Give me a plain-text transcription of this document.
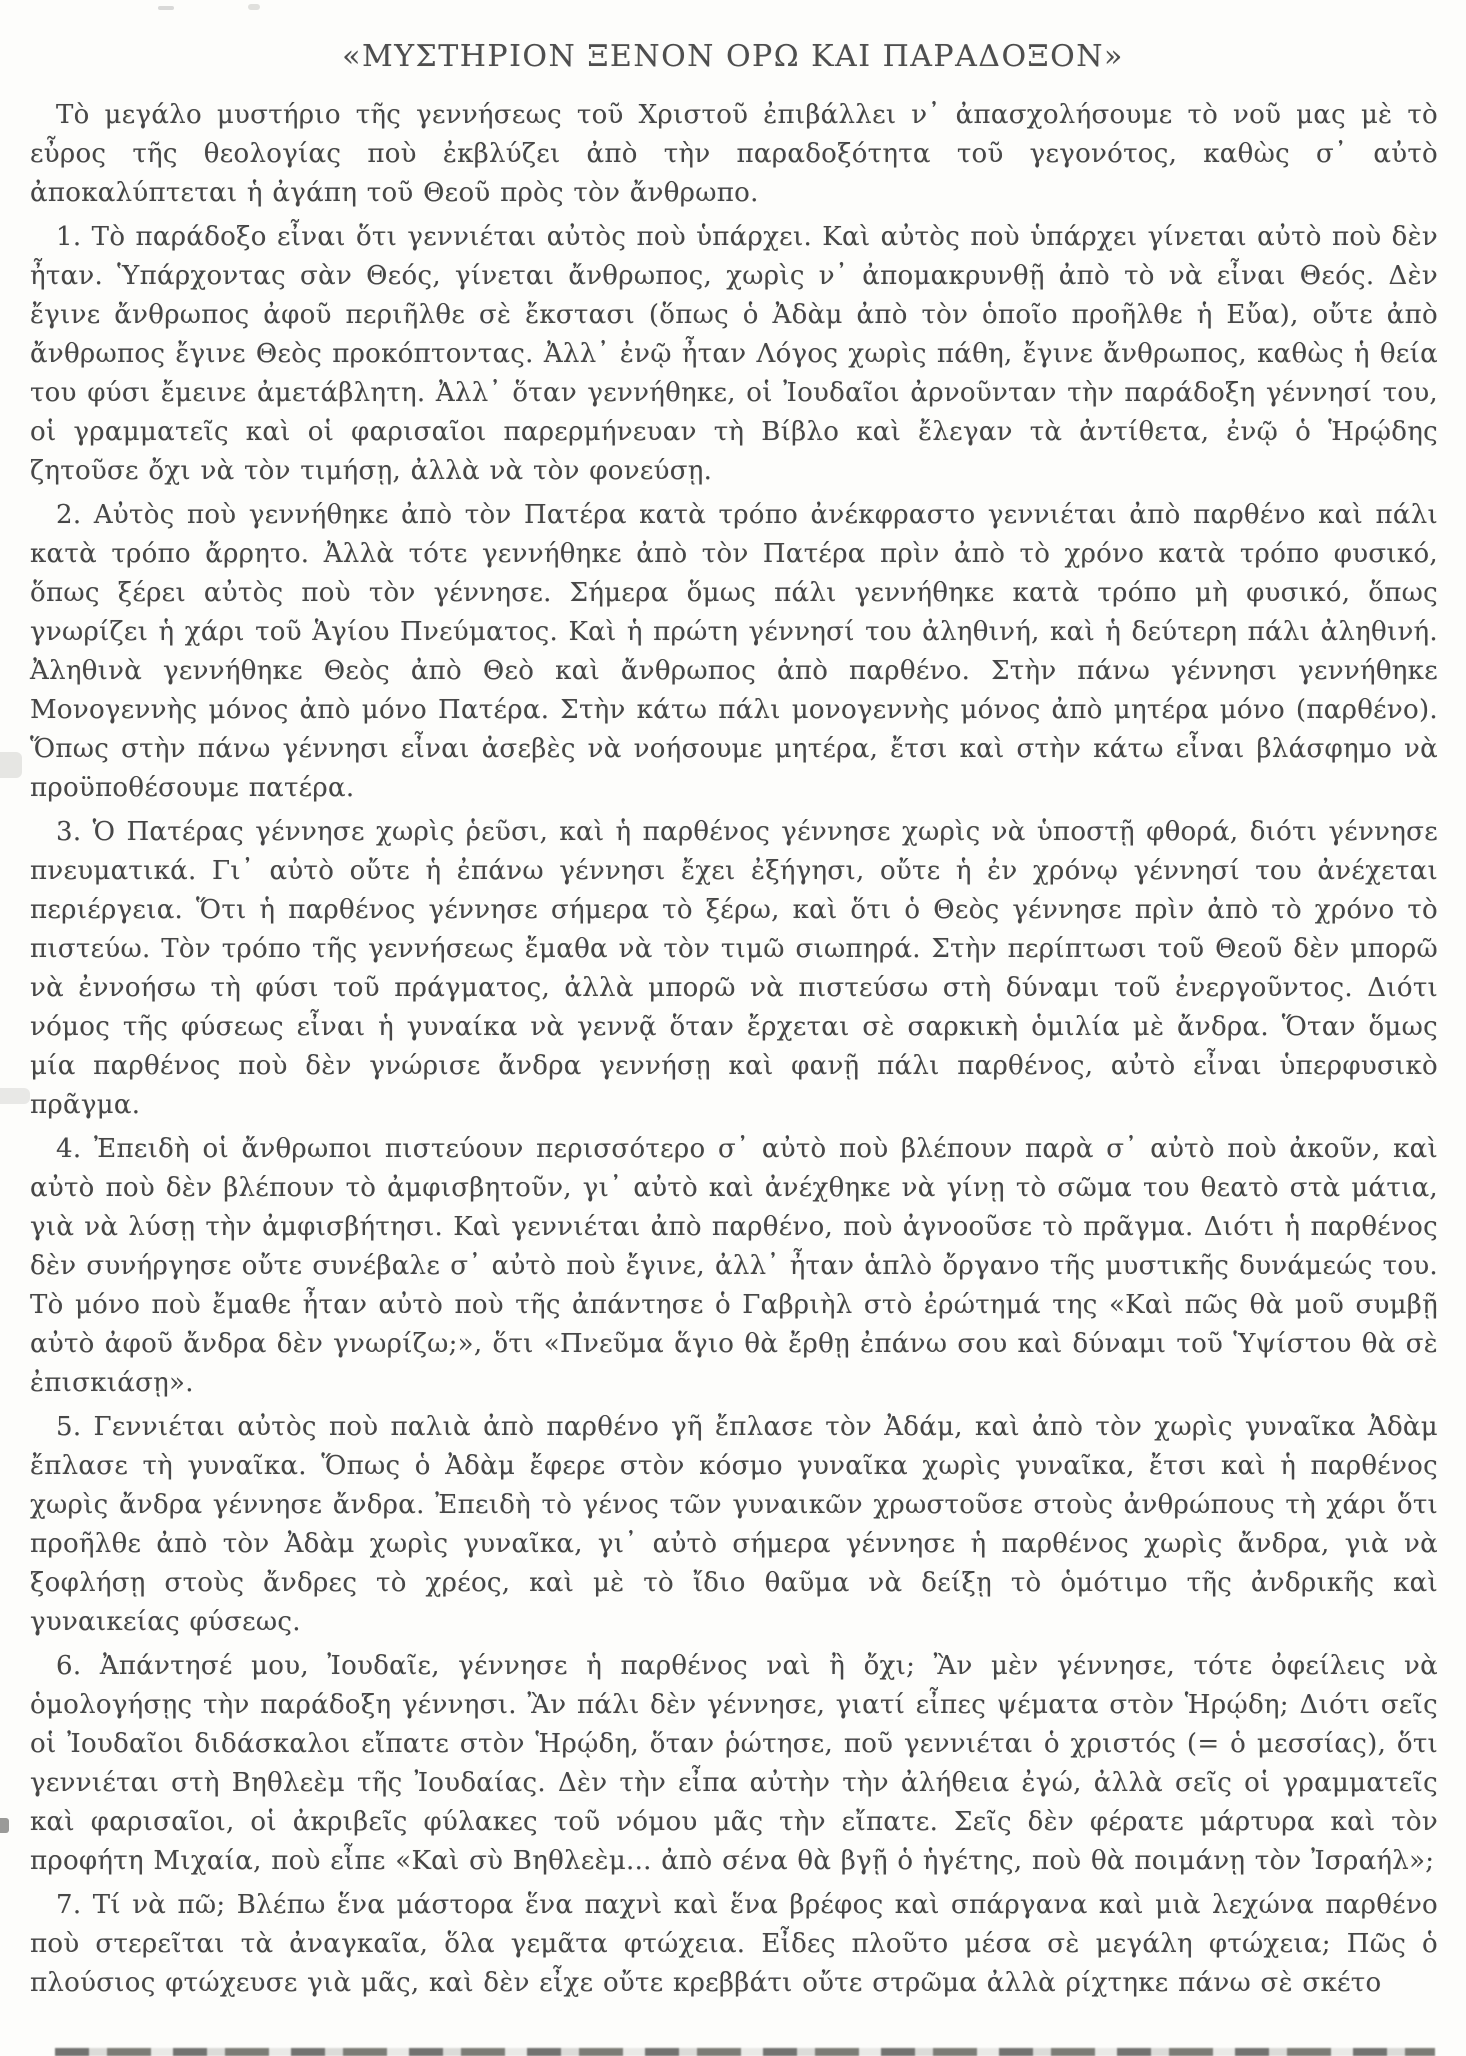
«ΜΥΣΤΗΡΙΟΝ ΞΕΝΟΝ ΟΡΩ ΚΑΙ ΠΑΡΑΔΟΞΟΝ»

Τὸ μεγάλο μυστήριο τῆς γεννήσεως τοῦ Χριστοῦ ἐπιβάλλει ν᾽ ἀπασχολήσουμε τὸ νοῦ μας μὲ τὸ εὖρος τῆς θεολογίας ποὺ ἐκβλύζει ἀπὸ τὴν παραδοξότητα τοῦ γεγονότος, καθὼς σ᾽ αὐτὸ ἀποκαλύπτεται ἡ ἀγάπη τοῦ Θεοῦ πρὸς τὸν ἄνθρωπο.

1. Τὸ παράδοξο εἶναι ὅτι γεννιέται αὐτὸς ποὺ ὑπάρχει. Καὶ αὐτὸς ποὺ ὑπάρχει γίνεται αὐτὸ ποὺ δὲν ἦταν. Ὑπάρχοντας σὰν Θεός, γίνεται ἄνθρωπος, χωρὶς ν᾽ ἀπομακρυνθῇ ἀπὸ τὸ νὰ εἶναι Θεός. Δὲν ἔγινε ἄνθρωπος ἀφοῦ περιῆλθε σὲ ἔκστασι (ὅπως ὁ Ἀδὰμ ἀπὸ τὸν ὁποῖο προῆλθε ἡ Εὔα), οὔτε ἀπὸ ἄνθρωπος ἔγινε Θεὸς προκόπτοντας. Ἀλλ᾽ ἐνῷ ἦταν Λόγος χωρὶς πάθη, ἔγινε ἄνθρωπος, καθὼς ἡ θεία του φύσι ἔμεινε ἀμετάβλητη. Ἀλλ᾽ ὅταν γεννήθηκε, οἱ Ἰουδαῖοι ἀρνοῦνταν τὴν παράδοξη γέννησί του, οἱ γραμματεῖς καὶ οἱ φαρισαῖοι παρερμήνευαν τὴ Βίβλο καὶ ἔλεγαν τὰ ἀντίθετα, ἐνῷ ὁ Ἡρῴδης ζητοῦσε ὄχι νὰ τὸν τιμήσῃ, ἀλλὰ νὰ τὸν φονεύσῃ.

2. Αὐτὸς ποὺ γεννήθηκε ἀπὸ τὸν Πατέρα κατὰ τρόπο ἀνέκφραστο γεννιέται ἀπὸ παρθένο καὶ πάλι κατὰ τρόπο ἄρρητο. Ἀλλὰ τότε γεννήθηκε ἀπὸ τὸν Πατέρα πρὶν ἀπὸ τὸ χρόνο κατὰ τρόπο φυσικό, ὅπως ξέρει αὐτὸς ποὺ τὸν γέννησε. Σήμερα ὅμως πάλι γεννήθηκε κατὰ τρόπο μὴ φυσικό, ὅπως γνωρίζει ἡ χάρι τοῦ Ἁγίου Πνεύματος. Καὶ ἡ πρώτη γέννησί του ἀληθινή, καὶ ἡ δεύτερη πάλι ἀληθινή. Ἀληθινὰ γεννήθηκε Θεὸς ἀπὸ Θεὸ καὶ ἄνθρωπος ἀπὸ παρθένο. Στὴν πάνω γέννησι γεννήθηκε Μονογεννὴς μόνος ἀπὸ μόνο Πατέρα. Στὴν κάτω πάλι μονογεννὴς μόνος ἀπὸ μητέρα μόνο (παρθένο). Ὅπως στὴν πάνω γέννησι εἶναι ἀσεβὲς νὰ νοήσουμε μητέρα, ἔτσι καὶ στὴν κάτω εἶναι βλάσφημο νὰ προϋποθέσουμε πατέρα.

3. Ὁ Πατέρας γέννησε χωρὶς ῥεῦσι, καὶ ἡ παρθένος γέννησε χωρὶς νὰ ὑποστῇ φθορά, διότι γέννησε πνευματικά. Γι᾽ αὐτὸ οὔτε ἡ ἐπάνω γέννησι ἔχει ἐξήγησι, οὔτε ἡ ἐν χρόνῳ γέννησί του ἀνέχεται περιέργεια. Ὅτι ἡ παρθένος γέννησε σήμερα τὸ ξέρω, καὶ ὅτι ὁ Θεὸς γέννησε πρὶν ἀπὸ τὸ χρόνο τὸ πιστεύω. Τὸν τρόπο τῆς γεννήσεως ἔμαθα νὰ τὸν τιμῶ σιωπηρά. Στὴν περίπτωσι τοῦ Θεοῦ δὲν μπορῶ νὰ ἐννοήσω τὴ φύσι τοῦ πράγματος, ἀλλὰ μπορῶ νὰ πιστεύσω στὴ δύναμι τοῦ ἐνεργοῦντος. Διότι νόμος τῆς φύσεως εἶναι ἡ γυναίκα νὰ γεννᾷ ὅταν ἔρχεται σὲ σαρκικὴ ὁμιλία μὲ ἄνδρα. Ὅταν ὅμως μία παρθένος ποὺ δὲν γνώρισε ἄνδρα γεννήσῃ καὶ φανῇ πάλι παρθένος, αὐτὸ εἶναι ὑπερφυσικὸ πρᾶγμα.

4. Ἐπειδὴ οἱ ἄνθρωποι πιστεύουν περισσότερο σ᾽ αὐτὸ ποὺ βλέπουν παρὰ σ᾽ αὐτὸ ποὺ ἀκοῦν, καὶ αὐτὸ ποὺ δὲν βλέπουν τὸ ἀμφισβητοῦν, γι᾽ αὐτὸ καὶ ἀνέχθηκε νὰ γίνῃ τὸ σῶμα του θεατὸ στὰ μάτια, γιὰ νὰ λύσῃ τὴν ἀμφισβήτησι. Καὶ γεννιέται ἀπὸ παρθένο, ποὺ ἀγνοοῦσε τὸ πρᾶγμα. Διότι ἡ παρθένος δὲν συνήργησε οὔτε συνέβαλε σ᾽ αὐτὸ ποὺ ἔγινε, ἀλλ᾽ ἦταν ἁπλὸ ὄργανο τῆς μυστικῆς δυνάμεώς του. Τὸ μόνο ποὺ ἔμαθε ἦταν αὐτὸ ποὺ τῆς ἀπάντησε ὁ Γαβριὴλ στὸ ἐρώτημά της «Καὶ πῶς θὰ μοῦ συμβῇ αὐτὸ ἀφοῦ ἄνδρα δὲν γνωρίζω;», ὅτι «Πνεῦμα ἅγιο θὰ ἔρθῃ ἐπάνω σου καὶ δύναμι τοῦ Ὑψίστου θὰ σὲ ἐπισκιάσῃ».

5. Γεννιέται αὐτὸς ποὺ παλιὰ ἀπὸ παρθένο γῆ ἔπλασε τὸν Ἀδάμ, καὶ ἀπὸ τὸν χωρὶς γυναῖκα Ἀδὰμ ἔπλασε τὴ γυναῖκα. Ὅπως ὁ Ἀδὰμ ἔφερε στὸν κόσμο γυναῖκα χωρὶς γυναῖκα, ἔτσι καὶ ἡ παρθένος χωρὶς ἄνδρα γέννησε ἄνδρα. Ἐπειδὴ τὸ γένος τῶν γυναικῶν χρωστοῦσε στοὺς ἀνθρώπους τὴ χάρι ὅτι προῆλθε ἀπὸ τὸν Ἀδὰμ χωρὶς γυναῖκα, γι᾽ αὐτὸ σήμερα γέννησε ἡ παρθένος χωρὶς ἄνδρα, γιὰ νὰ ξοφλήσῃ στοὺς ἄνδρες τὸ χρέος, καὶ μὲ τὸ ἴδιο θαῦμα νὰ δείξῃ τὸ ὁμότιμο τῆς ἀνδρικῆς καὶ γυναικείας φύσεως.

6. Ἀπάντησέ μου, Ἰουδαῖε, γέννησε ἡ παρθένος ναὶ ἢ ὄχι; Ἂν μὲν γέννησε, τότε ὀφείλεις νὰ ὁμολογήσῃς τὴν παράδοξη γέννησι. Ἂν πάλι δὲν γέννησε, γιατί εἶπες ψέματα στὸν Ἡρῴδη; Διότι σεῖς οἱ Ἰουδαῖοι διδάσκαλοι εἴπατε στὸν Ἡρῴδη, ὅταν ῥώτησε, ποῦ γεννιέται ὁ χριστός (= ὁ μεσσίας), ὅτι γεννιέται στὴ Βηθλεὲμ τῆς Ἰουδαίας. Δὲν τὴν εἶπα αὐτὴν τὴν ἀλήθεια ἐγώ, ἀλλὰ σεῖς οἱ γραμματεῖς καὶ φαρισαῖοι, οἱ ἀκριβεῖς φύλακες τοῦ νόμου μᾶς τὴν εἴπατε. Σεῖς δὲν φέρατε μάρτυρα καὶ τὸν προφήτη Μιχαία, ποὺ εἶπε «Καὶ σὺ Βηθλεὲμ... ἀπὸ σένα θὰ βγῇ ὁ ἡγέτης, ποὺ θὰ ποιμάνῃ τὸν Ἰσραήλ»;

7. Τί νὰ πῶ; Βλέπω ἕνα μάστορα ἕνα παχνὶ καὶ ἕνα βρέφος καὶ σπάργανα καὶ μιὰ λεχώνα παρθένο ποὺ στερεῖται τὰ ἀναγκαῖα, ὅλα γεμᾶτα φτώχεια. Εἶδες πλοῦτο μέσα σὲ μεγάλη φτώχεια; Πῶς ὁ πλούσιος φτώχευσε γιὰ μᾶς, καὶ δὲν εἶχε οὔτε κρεββάτι οὔτε στρῶμα ἀλλὰ ρίχτηκε πάνω σὲ σκέτο
